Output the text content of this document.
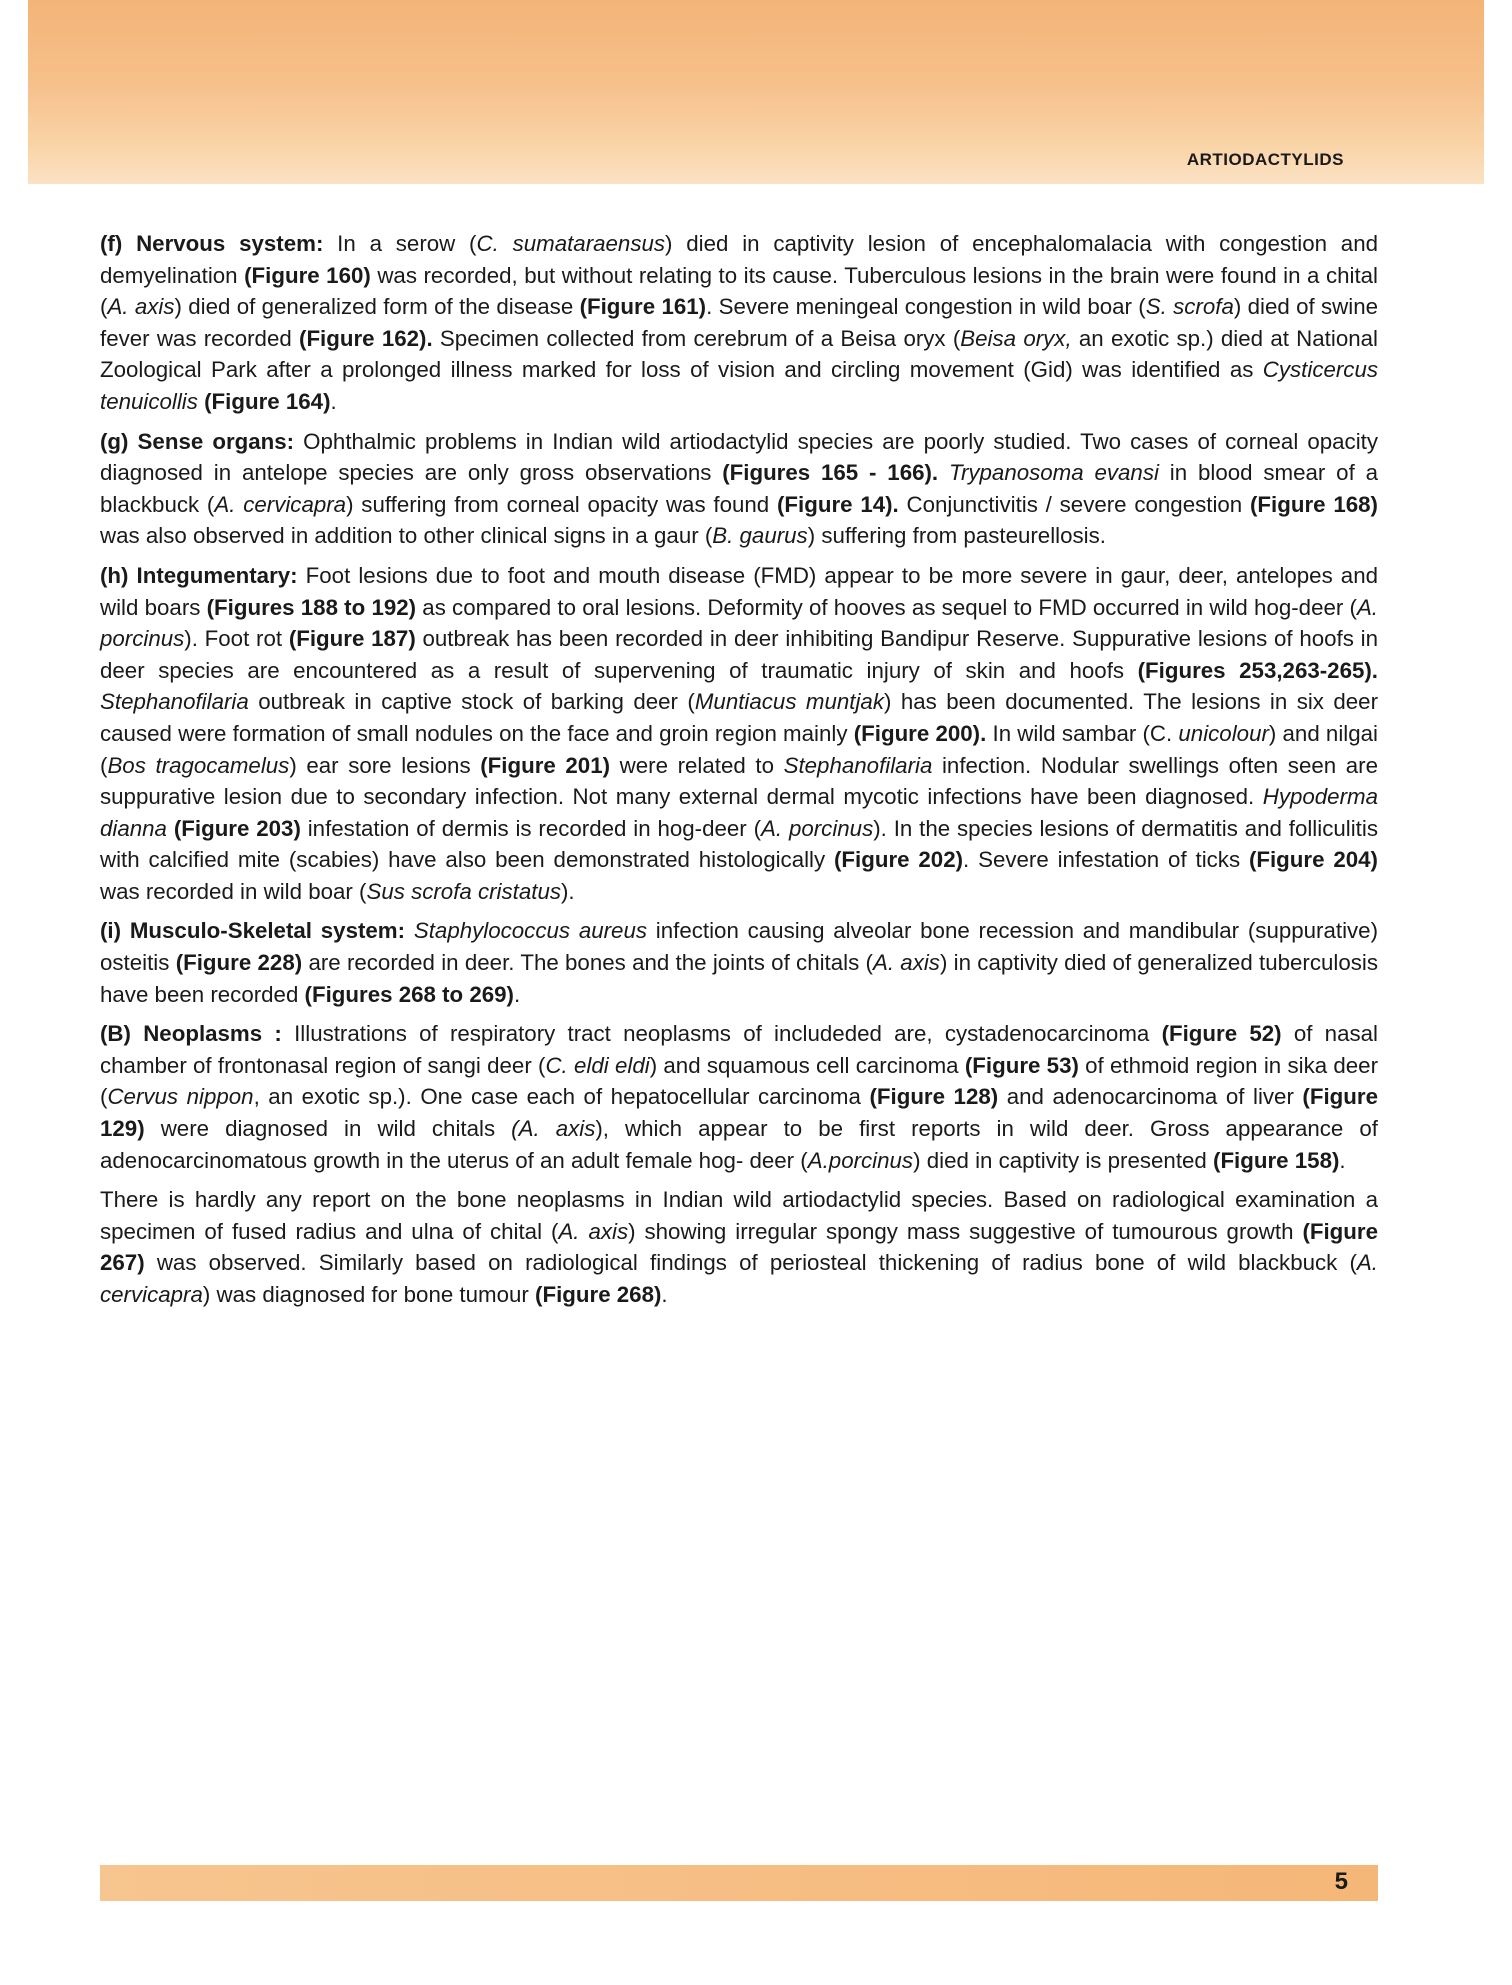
ARTIODACTYLIDS

(f) Nervous system: In a serow (C. sumataraensus) died in captivity lesion of encephalomalacia with congestion and demyelination (Figure 160) was recorded, but without relating to its cause. Tuberculous lesions in the brain were found in a chital (A. axis) died of generalized form of the disease (Figure 161). Severe meningeal congestion in wild boar (S. scrofa) died of swine fever was recorded (Figure 162). Specimen collected from cerebrum of a Beisa oryx (Beisa oryx, an exotic sp.) died at National Zoological Park after a prolonged illness marked for loss of vision and circling movement (Gid) was identified as Cysticercus tenuicollis (Figure 164).

(g) Sense organs: Ophthalmic problems in Indian wild artiodactylid species are poorly studied. Two cases of corneal opacity diagnosed in antelope species are only gross observations (Figures 165 - 166). Trypanosoma evansi in blood smear of a blackbuck (A. cervicapra) suffering from corneal opacity was found (Figure 14). Conjunctivitis / severe congestion (Figure 168) was also observed in addition to other clinical signs in a gaur (B. gaurus) suffering from pasteurellosis.

(h) Integumentary: Foot lesions due to foot and mouth disease (FMD) appear to be more severe in gaur, deer, antelopes and wild boars (Figures 188 to 192) as compared to oral lesions. Deformity of hooves as sequel to FMD occurred in wild hog-deer (A. porcinus). Foot rot (Figure 187) outbreak has been recorded in deer inhibiting Bandipur Reserve. Suppurative lesions of hoofs in deer species are encountered as a result of supervening of traumatic injury of skin and hoofs (Figures 253,263-265). Stephanofilaria outbreak in captive stock of barking deer (Muntiacus muntjak) has been documented. The lesions in six deer caused were formation of small nodules on the face and groin region mainly (Figure 200). In wild sambar (C. unicolour) and nilgai (Bos tragocamelus) ear sore lesions (Figure 201) were related to Stephanofilaria infection. Nodular swellings often seen are suppurative lesion due to secondary infection. Not many external dermal mycotic infections have been diagnosed. Hypoderma dianna (Figure 203) infestation of dermis is recorded in hog-deer (A. porcinus). In the species lesions of dermatitis and folliculitis with calcified mite (scabies) have also been demonstrated histologically (Figure 202). Severe infestation of ticks (Figure 204) was recorded in wild boar (Sus scrofa cristatus).

(i) Musculo-Skeletal system: Staphylococcus aureus infection causing alveolar bone recession and mandibular (suppurative) osteitis (Figure 228) are recorded in deer. The bones and the joints of chitals (A. axis) in captivity died of generalized tuberculosis have been recorded (Figures 268 to 269).

(B) Neoplasms : Illustrations of respiratory tract neoplasms of includeded are, cystadenocarcinoma (Figure 52) of nasal chamber of frontonasal region of sangi deer (C. eldi eldi) and squamous cell carcinoma (Figure 53) of ethmoid region in sika deer (Cervus nippon, an exotic sp.). One case each of hepatocellular carcinoma (Figure 128) and adenocarcinoma of liver (Figure 129) were diagnosed in wild chitals (A. axis), which appear to be first reports in wild deer. Gross appearance of adenocarcinomatous growth in the uterus of an adult female hog- deer (A.porcinus) died in captivity is presented (Figure 158).

There is hardly any report on the bone neoplasms in Indian wild artiodactylid species. Based on radiological examination a specimen of fused radius and ulna of chital (A. axis) showing irregular spongy mass suggestive of tumourous growth (Figure 267) was observed. Similarly based on radiological findings of periosteal thickening of radius bone of wild blackbuck (A. cervicapra) was diagnosed for bone tumour (Figure 268).

5
